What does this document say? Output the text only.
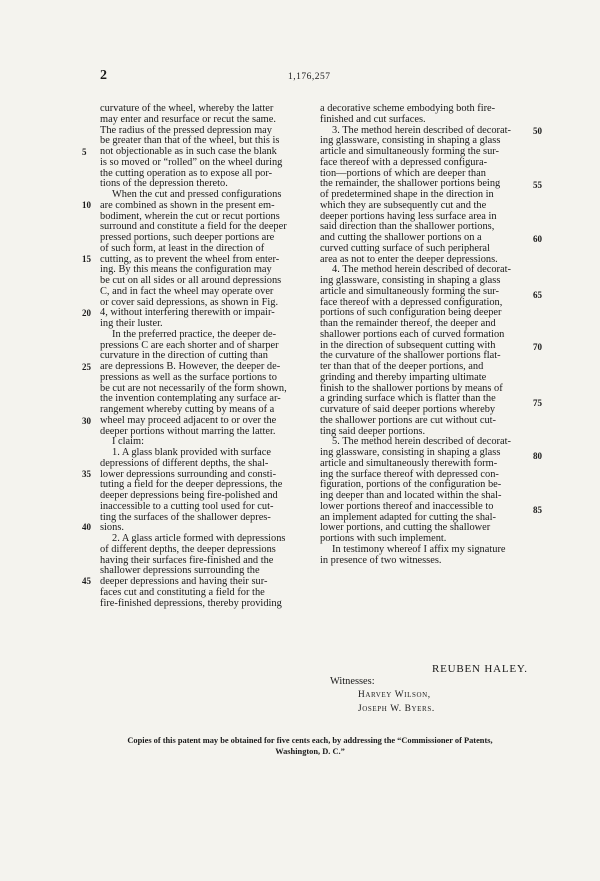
2	1,176,257
curvature of the wheel, whereby the latter
may enter and resurface or recut the same.
The radius of the pressed depression may
be greater than that of the wheel, but this is
not objectionable as in such case the blank
is so moved or “rolled” on the wheel during
the cutting operation as to expose all por-
tions of the depression thereto.
When the cut and pressed configurations
are combined as shown in the present em-
bodiment, wherein the cut or recut portions
surround and constitute a field for the deeper
pressed portions, such deeper portions are
of such form, at least in the direction of
cutting, as to prevent the wheel from enter-
ing. By this means the configuration may
be cut on all sides or all around depressions
C, and in fact the wheel may operate over
or cover said depressions, as shown in Fig.
4, without interfering therewith or impair-
ing their luster.
In the preferred practice, the deeper de-
pressions C are each shorter and of sharper
curvature in the direction of cutting than
are depressions B. However, the deeper de-
pressions as well as the surface portions to
be cut are not necessarily of the form shown,
the invention contemplating any surface ar-
rangement whereby cutting by means of a
wheel may proceed adjacent to or over the
deeper portions without marring the latter.
I claim:
1. A glass blank provided with surface
depressions of different depths, the shal-
lower depressions surrounding and consti-
tuting a field for the deeper depressions, the
deeper depressions being fire-polished and
inaccessible to a cutting tool used for cut-
ting the surfaces of the shallower depres-
sions.
2. A glass article formed with depressions
of different depths, the deeper depressions
having their surfaces fire-finished and the
shallower depressions surrounding the
deeper depressions and having their sur-
faces cut and constituting a field for the
fire-finished depressions, thereby providing
a decorative scheme embodying both fire-
finished and cut surfaces.
3. The method herein described of decorat-
ing glassware, consisting in shaping a glass
article and simultaneously forming the sur-
face thereof with a depressed configura-
tion—portions of which are deeper than
the remainder, the shallower portions being
of predetermined shape in the direction in
which they are subsequently cut and the
deeper portions having less surface area in
said direction than the shallower portions,
and cutting the shallower portions on a
curved cutting surface of such peripheral
area as not to enter the deeper depressions.
4. The method herein described of decorat-
ing glassware, consisting in shaping a glass
article and simultaneously forming the sur-
face thereof with a depressed configuration,
portions of such configuration being deeper
than the remainder thereof, the deeper and
shallower portions each of curved formation
in the direction of subsequent cutting with
the curvature of the shallower portions flat-
ter than that of the deeper portions, and
grinding and thereby imparting ultimate
finish to the shallower portions by means of
a grinding surface which is flatter than the
curvature of said deeper portions whereby
the shallower portions are cut without cut-
ting said deeper portions.
5. The method herein described of decorat-
ing glassware, consisting in shaping a glass
article and simultaneously therewith form-
ing the surface thereof with depressed con-
figuration, portions of the configuration be-
ing deeper than and located within the shal-
lower portions thereof and inaccessible to
an implement adapted for cutting the shal-
lower portions, and cutting the shallower
portions with such implement.
In testimony whereof I affix my signature
in presence of two witnesses.
5
10
15
20
25
30
35
40
45
50
55
60
65
70
75
80
85
REUBEN HALEY.
Witnesses:
Harvey Wilson,
Joseph W. Byers.
Copies of this patent may be obtained for five cents each, by addressing the “Commissioner of Patents,
Washington, D. C.”
